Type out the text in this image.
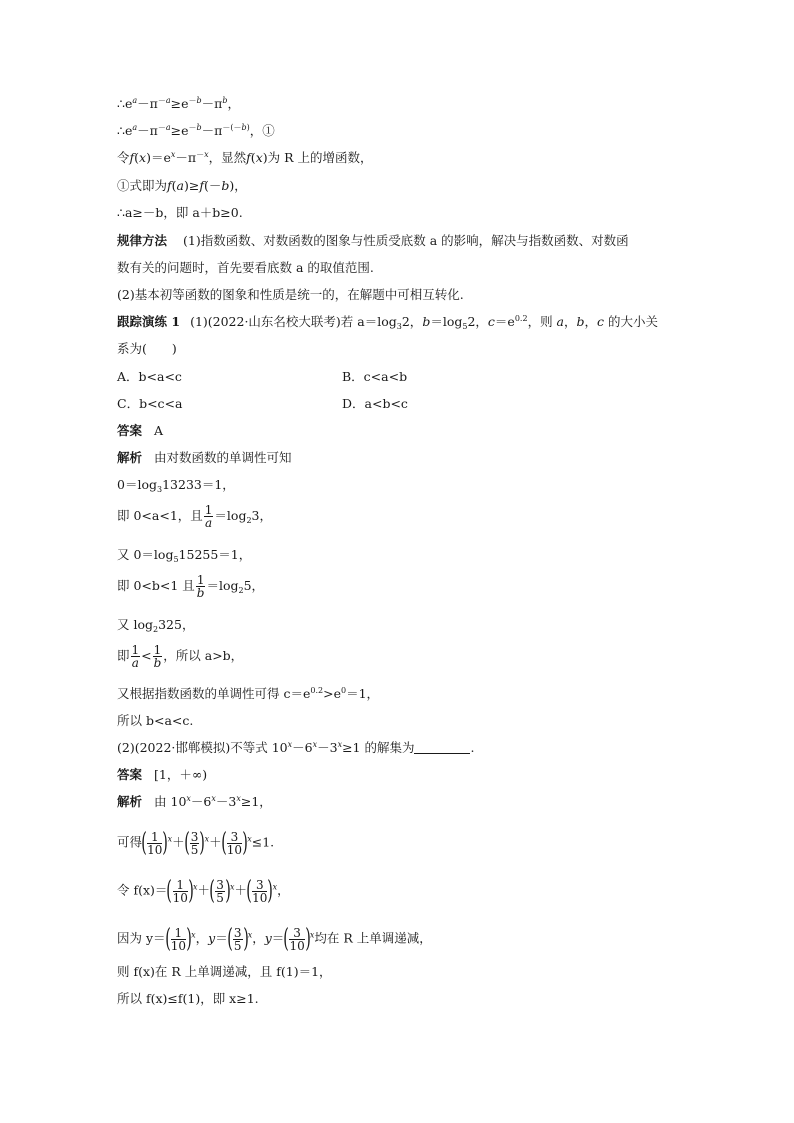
$\therefore e^a-\pi^{-a}\ge e^{-b}-\pi^b$，
$\therefore e^a-\pi^{-a}\ge e^{-b}-\pi^{-(-b)}$，①
令$f(x)=e^x-\pi^{-x}$，显然f(x)为 R 上的增函数，
①式即为f(a)≥f(－b)，
∴a≥－b，即 a＋b≥0.
规律方法 (1)指数函数、对数函数的图象与性质受底数 a 的影响，解决与指数函数、对数函
数有关的问题时，首先要看底数 a 的取值范围.
(2)基本初等函数的图象和性质是统一的，在解题中可相互转化.
跟踪演练 1 (1)(2022·山东名校大联考)若 $a=\log_32$，$b=\log_52$，$c=e^{0.2}$，则 a，b，c 的大小关
系为(　　)
A．b<a<c	B．c<a<b
C．b<c<a	D．a<b<c
答案 A
解析 由对数函数的单调性可知
$0=\log_313233=1$，
即 0<a<1，且 $\frac{1}{a} =\log_23$，
又 $0=\log_515255=1$，
即 0<b<1 且 $\frac{1}{b} =\log_25$，
又 $\log_2325$，
即 $\frac{1}{a} < \frac{1}{b}$ ，所以 a>b，
又根据指数函数的单调性可得 $c=e^{0.2}>e^0=1$，
所以 b<a<c.
(2)(2022·邯郸模拟)不等式 $10^x-6^x-3^x\ge 1$ 的解集为	.
答案 [1，＋∞)
解析 由 $10^x-6^x-3^x\ge 1$，
可得( $\frac{1}{10} )^x+( \frac{3}{5} )^x+( \frac{3}{10} )^x\le 1$.
令 $f(x)=( \frac{1}{10} )^x+( \frac{3}{5} )^x+( \frac{3}{10} )^x$，
因为 $y=( \frac{1}{10} )^x$，$y=( \frac{3}{5} )^x$，$y=( \frac{3}{10} )^x$均在 R 上单调递减，
则 f(x)在 R 上单调递减，且 f(1)＝1，
所以 f(x)≤f(1)，即 x≥1.
